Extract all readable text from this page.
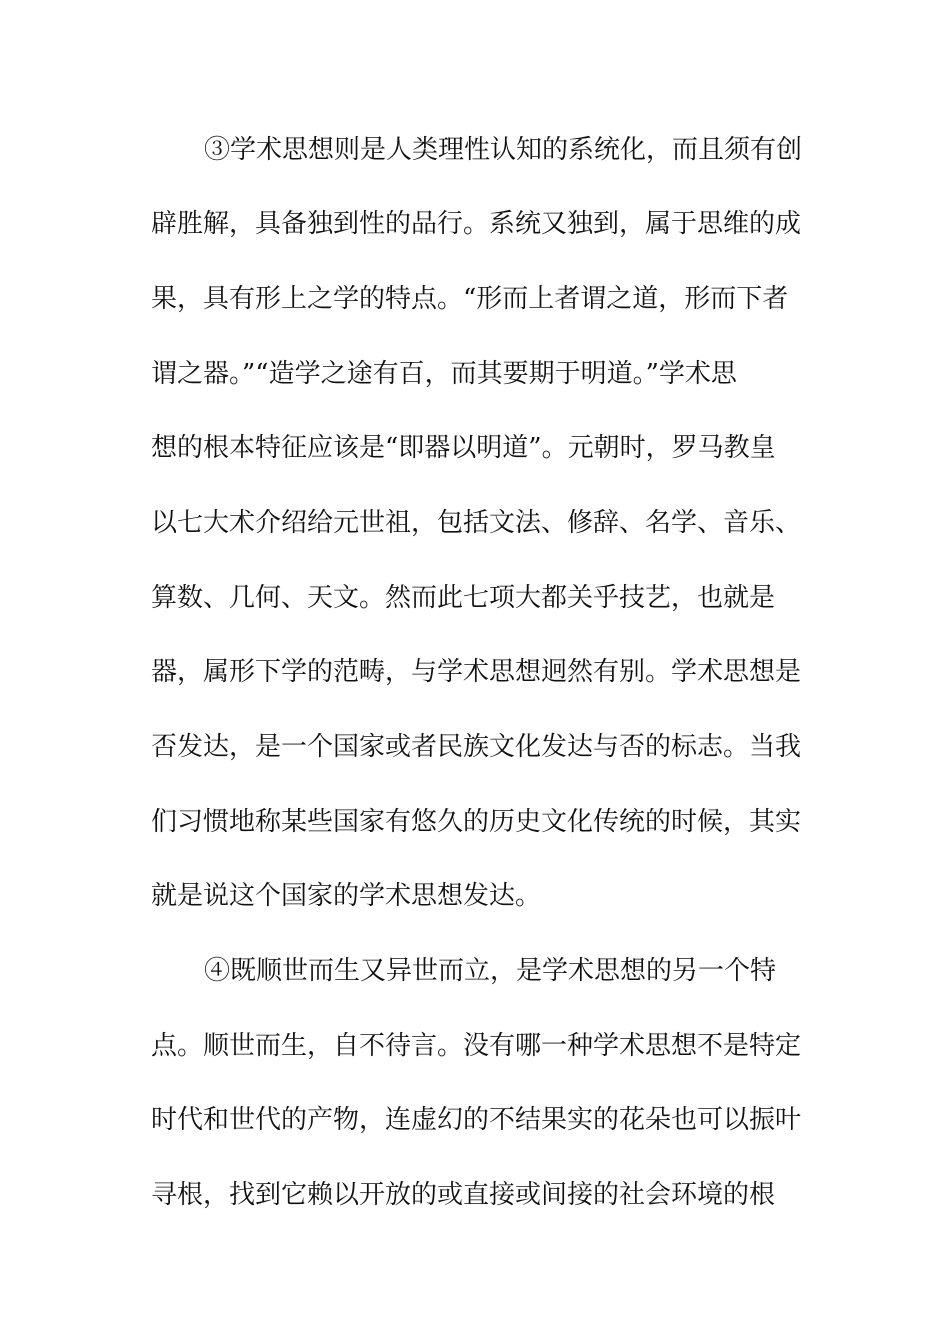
③学术思想则是人类理性认知的系统化，而且须有创
辟胜解，具备独到性的品行。系统又独到，属于思维的成
果，具有形上之学的特点。“形而上者谓之道，形而下者
谓之器。”“造学之途有百，而其要期于明道。”学术思
想的根本特征应该是“即器以明道”。元朝时，罗马教皇
以七大术介绍给元世祖，包括文法、修辞、名学、音乐、
算数、几何、天文。然而此七项大都关乎技艺，也就是
器，属形下学的范畴，与学术思想迥然有别。学术思想是
否发达，是一个国家或者民族文化发达与否的标志。当我
们习惯地称某些国家有悠久的历史文化传统的时候，其实
就是说这个国家的学术思想发达。
④既顺世而生又异世而立，是学术思想的另一个特
点。顺世而生，自不待言。没有哪一种学术思想不是特定
时代和世代的产物，连虚幻的不结果实的花朵也可以振叶
寻根，找到它赖以开放的或直接或间接的社会环境的根
